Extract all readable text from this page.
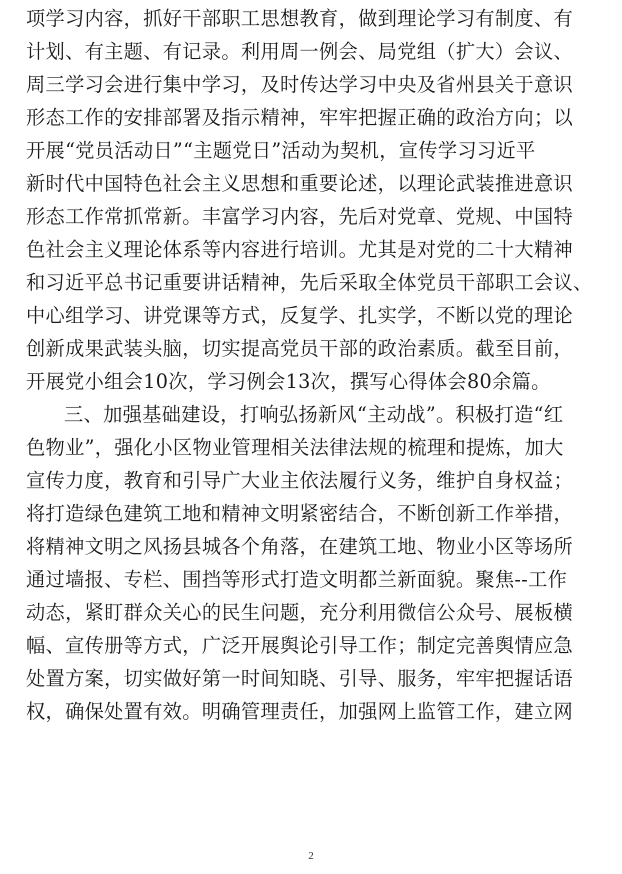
项学习内容，抓好干部职工思想教育，做到理论学习有制度、有
计划、有主题、有记录。利用周一例会、局党组（扩大）会议、
周三学习会进行集中学习，及时传达学习中央及省州县关于意识
形态工作的安排部署及指示精神，牢牢把握正确的政治方向；以
开展“党员活动日”“主题党日”活动为契机，宣传学习习近平
新时代中国特色社会主义思想和重要论述，以理论武装推进意识
形态工作常抓常新。丰富学习内容，先后对党章、党规、中国特
色社会主义理论体系等内容进行培训。尤其是对党的二十大精神
和习近平总书记重要讲话精神，先后采取全体党员干部职工会议、
中心组学习、讲党课等方式，反复学、扎实学，不断以党的理论
创新成果武装头脑，切实提高党员干部的政治素质。截至目前，
开展党小组会10次，学习例会13次，撰写心得体会80余篇。
三、加强基础建设，打响弘扬新风“主动战”。积极打造“红
色物业”，强化小区物业管理相关法律法规的梳理和提炼，加大
宣传力度，教育和引导广大业主依法履行义务，维护自身权益；
将打造绿色建筑工地和精神文明紧密结合，不断创新工作举措，
将精神文明之风扬县城各个角落，在建筑工地、物业小区等场所
通过墙报、专栏、围挡等形式打造文明都兰新面貌。聚焦--工作
动态，紧盯群众关心的民生问题，充分利用微信公众号、展板横
幅、宣传册等方式，广泛开展舆论引导工作；制定完善舆情应急
处置方案，切实做好第一时间知晓、引导、服务，牢牢把握话语
权，确保处置有效。明确管理责任，加强网上监管工作，建立网
2
